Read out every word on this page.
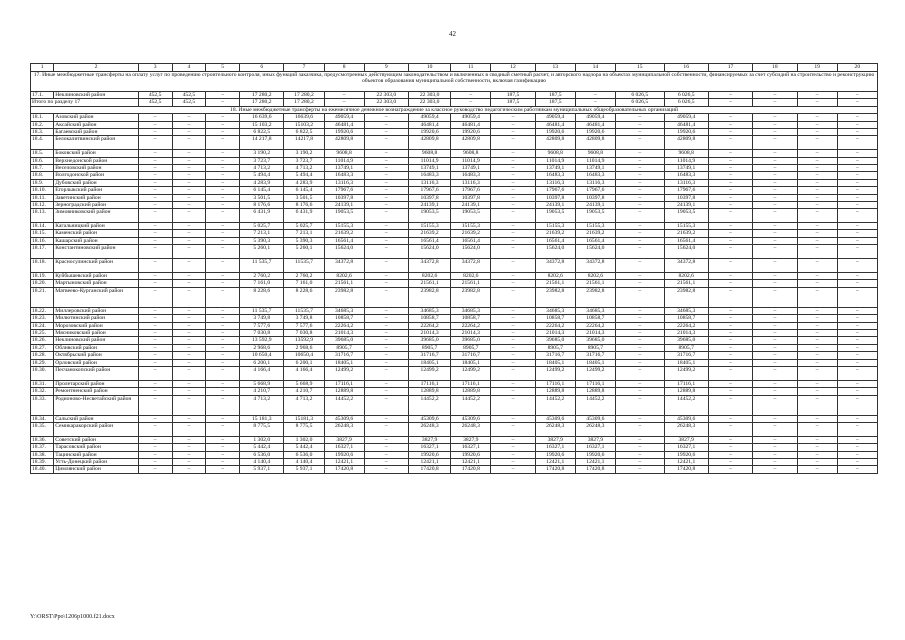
42
1	2	3	4	5	6	7	8	9	10	11	12	13	14	15	16	17	18	19	20
17. Иные межбюджетные трансферты на оплату услуг по проведению строительного контроля, иных функций заказчика, предусмотренных действующим законодательством и включенных в сводный сметный расчет, и авторского надзора на объектах муниципальной собственности, финансируемых за счет субсидий на строительство и реконструкцию объектов образования муниципальной собственности, включая газификацию																			
17.1.	Неклиновский район	452,5	452,5	–	17 280,2	17 280,2	–	22 303,0	22 303,0	–	187,5	187,5	–	6 026,5	6 026,5	–	–	–	–
Итого по разделу 17		452,5	452,5	–	17 280,2	17 280,2	–	22 303,0	22 303,0	–	187,5	187,5	–	6 026,5	6 026,5	–	–	–	–
18. Иные межбюджетные трансферты на ежемесячное денежное вознаграждение за классное руководство педагогическим работникам муниципальных общеобразовательных организаций																			
18.1.	Азовский район	–	–	–	16 639,6	16639,6	49059,4	–	49059,4	49059,4	–	49059,4	49059,4	–	49059,4	–	–	–	–
18.2.	Аксайский район	–	–	–	15 103,2	15103,2	46481,4	–	46481,4	46481,4	–	46481,4	46481,4	–	46481,4	–	–	–	–
18.3.	Багаевский район	–	–	–	6 822,5	6 822,5	19920,6	–	19920,6	19920,6	–	19920,6	19920,6	–	19920,6	–	–	–	–
18.4.	Белокалитвинский район	–	–	–	14 217,8	14217,8	42809,8	–	42809,8	42809,8	–	42809,8	42809,8	–	42809,8	–	–	–	–
18.5.	Боковский район	–	–	–	3 190,2	3 190,2	9608,8	–	9608,8	9608,8	–	9608,8	9608,8	–	9608,8	–	–	–	–
18.6.	Верхнедонской район	–	–	–	3 723,7	3 723,7	11014,9	–	11014,9	11014,9	–	11014,9	11014,9	–	11014,9	–	–	–	–
18.7.	Веселовский район	–	–	–	4 713,2	4 713,2	13749,1	–	13749,1	13749,1	–	13749,1	13749,1	–	13749,1	–	–	–	–
18.8.	Волгодонской район	–	–	–	5 494,4	5 494,4	16483,3	–	16483,3	16483,3	–	16483,3	16483,3	–	16483,3	–	–	–	–
18.9.	Дубовский район	–	–	–	4 283,9	4 283,9	13116,3	–	13116,3	13116,3	–	13116,3	13116,3	–	13116,3	–	–	–	–
18.10.	Егорлыкский район	–	–	–	6 145,4	6 145,4	17967,6	–	17967,6	17967,6	–	17967,6	17967,6	–	17967,6	–	–	–	–
18.11.	Заветинский район	–	–	–	3 501,5	3 501,5	10397,8	–	10397,8	10397,8	–	10397,8	10397,8	–	10397,8	–	–	–	–
18.12.	Зерноградский район	–	–	–	8 176,6	8 176,6	24139,1	–	24139,1	24139,1	–	24139,1	24139,1	–	24139,1	–	–	–	–
18.13.	Зимовниковский район	–	–	–	6 431,9	6 431,9	19053,5	–	19053,5	19053,5	–	19053,5	19053,5	–	19053,5	–	–	–	–
18.14.	Кагальницкий район	–	–	–	5 025,7	5 025,7	15155,3	–	15155,3	15155,3	–	15155,3	15155,3	–	15155,3	–	–	–	–
18.15.	Каменский район	–	–	–	7 213,1	7 213,1	21639,2	–	21639,2	21639,2	–	21639,2	21639,2	–	21639,2	–	–	–	–
18.16.	Кашарский район	–	–	–	5 390,3	5 390,3	16561,4	–	16561,4	16561,4	–	16561,4	16561,4	–	16561,4	–	–	–	–
18.17.	Константиновский район	–	–	–	5 260,1	5 260,1	15624,0	–	15624,0	15624,0	–	15624,0	15624,0	–	15624,0	–	–	–	–
18.18.	Красносулинский район	–	–	–	11 535,7	11535,7	34372,8	–	34372,8	34372,8	–	34372,8	34372,8	–	34372,8	–	–	–	–
18.19.	Куйбышевский район	–	–	–	2 760,2	2 760,2	8202,6	–	8202,6	8202,6	–	8202,6	8202,6	–	8202,6	–	–	–	–
18.20.	Мартыновский район	–	–	–	7 161,0	7 161,0	21561,1	–	21561,1	21561,1	–	21561,1	21561,1	–	21561,1	–	–	–	–
18.21.	Матвеево-Курганский район	–	–	–	8 228,6	8 228,6	23982,8	–	23982,8	23982,8	–	23982,8	23982,8	–	23982,8	–	–	–	–
18.22.	Миллеровский район	–	–	–	11 535,7	11535,7	34685,3	–	34685,3	34685,3	–	34685,3	34685,3	–	34685,3	–	–	–	–
18.23.	Милютинский район	–	–	–	3 749,8	3 749,8	10858,7	–	10858,7	10858,7	–	10858,7	10858,7	–	10858,7	–	–	–	–
18.24.	Морозовский район	–	–	–	7 577,6	7 577,6	22264,2	–	22264,2	22264,2	–	22264,2	22264,2	–	22264,2	–	–	–	–
18.25.	Мясниковский район	–	–	–	7 030,8	7 030,8	21014,3	–	21014,3	21014,3	–	21014,3	21014,3	–	21014,3	–	–	–	–
18.26.	Неклиновский район	–	–	–	13 592,9	13592,9	39685,0	–	39685,0	39685,0	–	39685,0	39685,0	–	39685,0	–	–	–	–
18.27.	Обливский район	–	–	–	2 968,6	2 968,6	8905,7	–	8905,7	8905,7	–	8905,7	8905,7	–	8905,7	–	–	–	–
18.28.	Октябрьский район	–	–	–	10 650,4	10650,4	31716,7	–	31716,7	31716,7	–	31716,7	31716,7	–	31716,7	–	–	–	–
18.29.	Орловский район	–	–	–	6 200,1	6 200,1	18405,1	–	18405,1	18405,1	–	18405,1	18405,1	–	18405,1	–	–	–	–
18.30.	Песчанокопский район	–	–	–	4 166,4	4 166,4	12499,2	–	12499,2	12499,2	–	12499,2	12499,2	–	12499,2	–	–	–	–
18.31.	Пролетарский район	–	–	–	5 668,9	5 668,9	17116,1	–	17116,1	17116,1	–	17116,1	17116,1	–	17116,1	–	–	–	–
18.32.	Ремонтненский район	–	–	–	4 210,7	4 210,7	12889,8	–	12889,8	12889,8	–	12889,8	12889,8	–	12889,8	–	–	–	–
18.33.	Родионово-Несветайский район	–	–	–	4 713,2	4 713,2	14452,2	–	14452,2	14452,2	–	14452,2	14452,2	–	14452,2	–	–	–	–
18.34.	Сальский район	–	–	–	15 181,3	15181,3	45309,6	–	45309,6	45309,6	–	45309,6	45309,6	–	45309,6	–	–	–	–
18.35.	Семикаракорский район	–	–	–	8 775,5	8 775,5	26248,3	–	26248,3	26248,3	–	26248,3	26248,3	–	26248,3	–	–	–	–
18.36.	Советский район	–	–	–	1 302,0	1 302,0	3827,9	–	3827,9	3827,9	–	3827,9	3827,9	–	3827,9	–	–	–	–
18.37.	Тарасовский район	–	–	–	5 442,4	5 442,4	16327,1	–	16327,1	16327,1	–	16327,1	16327,1	–	16327,1	–	–	–	–
18.38.	Тацинский район	–	–	–	6 536,0	6 536,0	19920,6	–	19920,6	19920,6	–	19920,6	19920,6	–	19920,6	–	–	–	–
18.39.	Усть-Донецкий район	–	–	–	4 140,4	4 140,4	12421,1	–	12421,1	12421,1	–	12421,1	12421,1	–	12421,1	–	–	–	–
18.40.	Цимлянский район	–	–	–	5 937,1	5 937,1	17420,8	–	17420,8	17420,8	–	17420,8	17420,8	–	17420,8	–	–	–	–
Y:\ORST\Ppo\1206p1000.f21.docx
